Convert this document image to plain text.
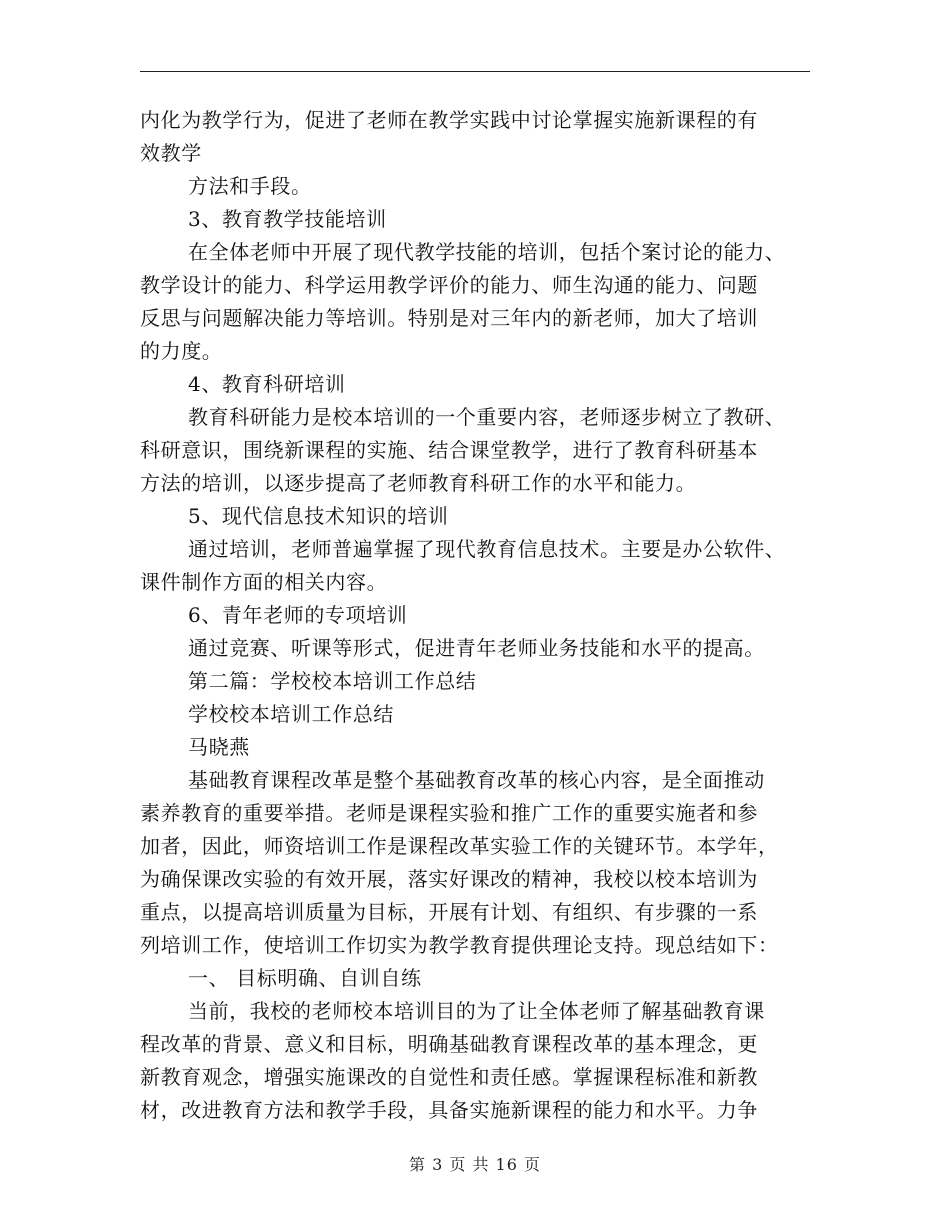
内化为教学行为，促进了老师在教学实践中讨论掌握实施新课程的有
效教学
方法和手段。
3、教育教学技能培训
在全体老师中开展了现代教学技能的培训，包括个案讨论的能力、
教学设计的能力、科学运用教学评价的能力、师生沟通的能力、问题
反思与问题解决能力等培训。特别是对三年内的新老师，加大了培训
的力度。
4、教育科研培训
教育科研能力是校本培训的一个重要内容，老师逐步树立了教研、
科研意识，围绕新课程的实施、结合课堂教学，进行了教育科研基本
方法的培训，以逐步提高了老师教育科研工作的水平和能力。
5、现代信息技术知识的培训
通过培训，老师普遍掌握了现代教育信息技术。主要是办公软件、
课件制作方面的相关内容。
6、青年老师的专项培训
通过竞赛、听课等形式，促进青年老师业务技能和水平的提高。
第二篇：学校校本培训工作总结
学校校本培训工作总结
马晓燕
基础教育课程改革是整个基础教育改革的核心内容，是全面推动
素养教育的重要举措。老师是课程实验和推广工作的重要实施者和参
加者，因此，师资培训工作是课程改革实验工作的关键环节。本学年，
为确保课改实验的有效开展，落实好课改的精神，我校以校本培训为
重点，以提高培训质量为目标，开展有计划、有组织、有步骤的一系
列培训工作，使培训工作切实为教学教育提供理论支持。现总结如下：
一、 目标明确、自训自练
当前，我校的老师校本培训目的为了让全体老师了解基础教育课
程改革的背景、意义和目标，明确基础教育课程改革的基本理念，更
新教育观念，增强实施课改的自觉性和责任感。掌握课程标准和新教
材，改进教育方法和教学手段，具备实施新课程的能力和水平。力争
第 3 页 共 16 页
